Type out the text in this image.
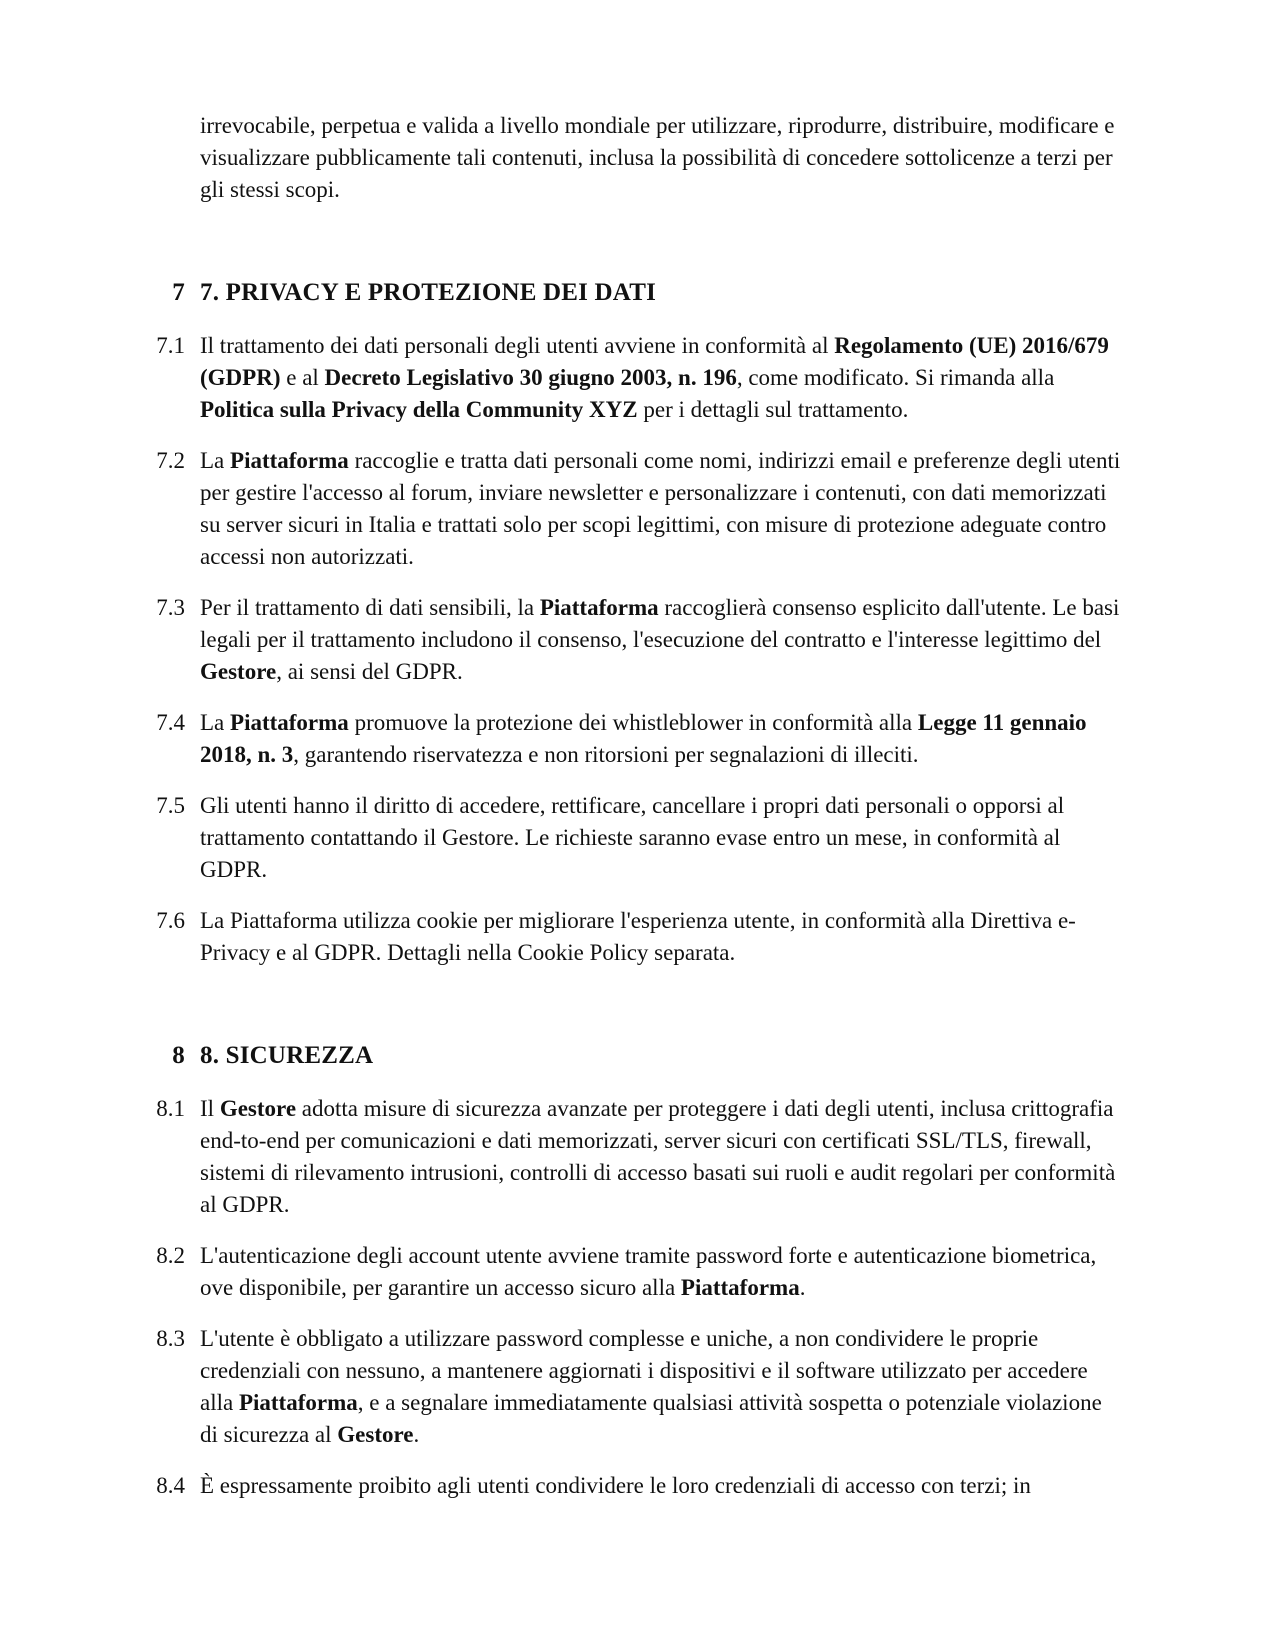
irrevocabile, perpetua e valida a livello mondiale per utilizzare, riprodurre, distribuire, modificare e visualizzare pubblicamente tali contenuti, inclusa la possibilità di concedere sottolicenze a terzi per gli stessi scopi.

7 7. PRIVACY E PROTEZIONE DEI DATI

7.1 Il trattamento dei dati personali degli utenti avviene in conformità al Regolamento (UE) 2016/679 (GDPR) e al Decreto Legislativo 30 giugno 2003, n. 196, come modificato. Si rimanda alla Politica sulla Privacy della Community XYZ per i dettagli sul trattamento.

7.2 La Piattaforma raccoglie e tratta dati personali come nomi, indirizzi email e preferenze degli utenti per gestire l'accesso al forum, inviare newsletter e personalizzare i contenuti, con dati memorizzati su server sicuri in Italia e trattati solo per scopi legittimi, con misure di protezione adeguate contro accessi non autorizzati.

7.3 Per il trattamento di dati sensibili, la Piattaforma raccoglierà consenso esplicito dall'utente. Le basi legali per il trattamento includono il consenso, l'esecuzione del contratto e l'interesse legittimo del Gestore, ai sensi del GDPR.

7.4 La Piattaforma promuove la protezione dei whistleblower in conformità alla Legge 11 gennaio 2018, n. 3, garantendo riservatezza e non ritorsioni per segnalazioni di illeciti.

7.5 Gli utenti hanno il diritto di accedere, rettificare, cancellare i propri dati personali o opporsi al trattamento contattando il Gestore. Le richieste saranno evase entro un mese, in conformità al GDPR.

7.6 La Piattaforma utilizza cookie per migliorare l'esperienza utente, in conformità alla Direttiva e-Privacy e al GDPR. Dettagli nella Cookie Policy separata.

8 8. SICUREZZA

8.1 Il Gestore adotta misure di sicurezza avanzate per proteggere i dati degli utenti, inclusa crittografia end-to-end per comunicazioni e dati memorizzati, server sicuri con certificati SSL/TLS, firewall, sistemi di rilevamento intrusioni, controlli di accesso basati sui ruoli e audit regolari per conformità al GDPR.

8.2 L'autenticazione degli account utente avviene tramite password forte e autenticazione biometrica, ove disponibile, per garantire un accesso sicuro alla Piattaforma.

8.3 L'utente è obbligato a utilizzare password complesse e uniche, a non condividere le proprie credenziali con nessuno, a mantenere aggiornati i dispositivi e il software utilizzato per accedere alla Piattaforma, e a segnalare immediatamente qualsiasi attività sospetta o potenziale violazione di sicurezza al Gestore.

8.4 È espressamente proibito agli utenti condividere le loro credenziali di accesso con terzi; in
